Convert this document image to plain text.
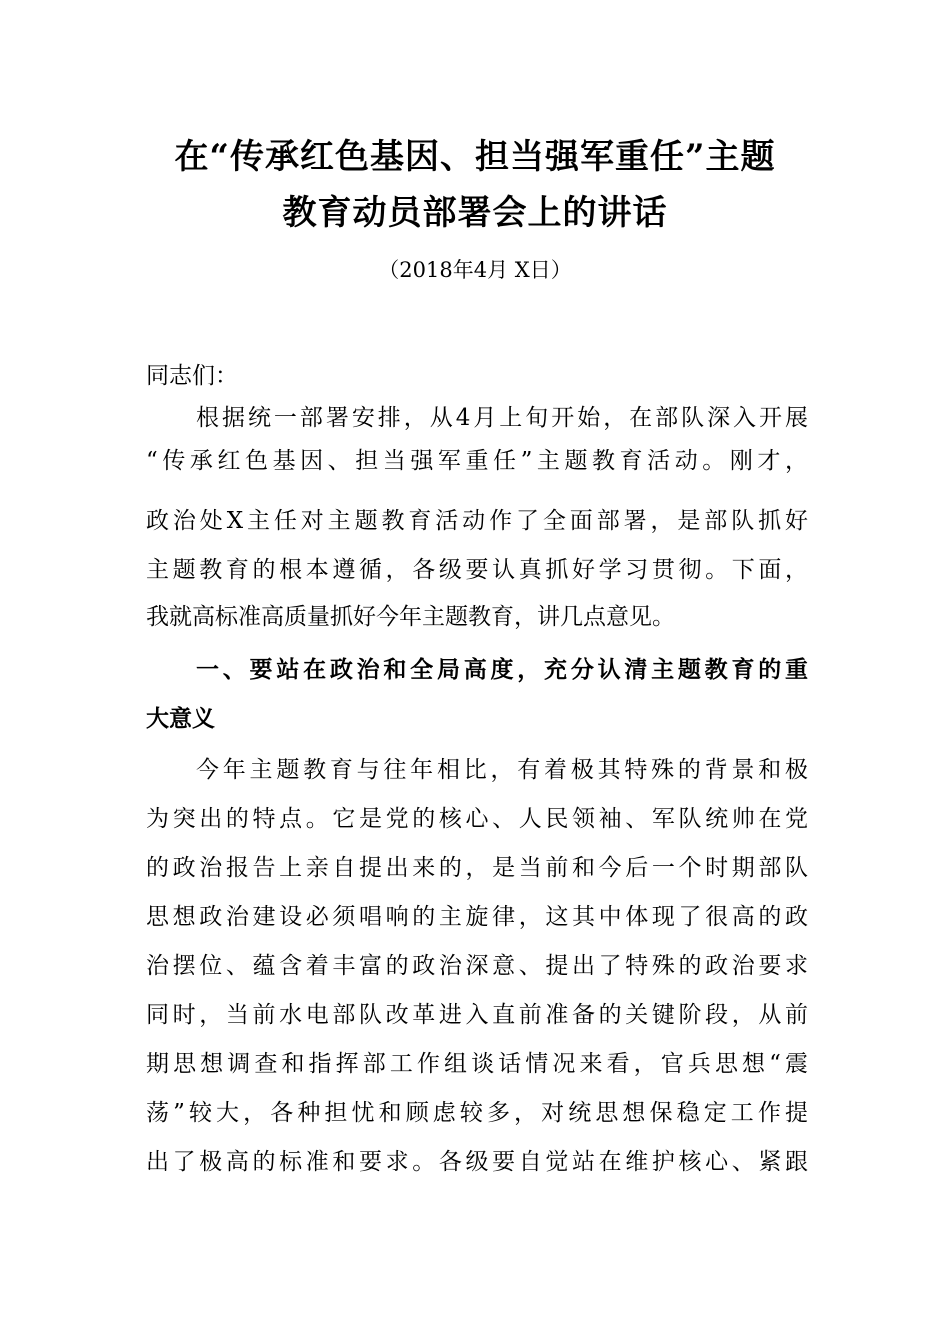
在“传承红色基因、担当强军重任”主题
教育动员部署会上的讲话
（2018年4月 X日）
同志们：
根据统一部署安排，从4月上旬开始，在部队深入开展
“传承红色基因、担当强军重任”主题教育活动。刚才，
政治处X主任对主题教育活动作了全面部署，是部队抓好
主题教育的根本遵循，各级要认真抓好学习贯彻。下面，
我就高标准高质量抓好今年主题教育，讲几点意见。
一、要站在政治和全局高度，充分认清主题教育的重
大意义
今年主题教育与往年相比，有着极其特殊的背景和极
为突出的特点。它是党的核心、人民领袖、军队统帅在党
的政治报告上亲自提出来的，是当前和今后一个时期部队
思想政治建设必须唱响的主旋律，这其中体现了很高的政
治摆位、蕴含着丰富的政治深意、提出了特殊的政治要求
同时，当前水电部队改革进入直前准备的关键阶段，从前
期思想调查和指挥部工作组谈话情况来看，官兵思想“震
荡”较大，各种担忧和顾虑较多，对统思想保稳定工作提
出了极高的标准和要求。各级要自觉站在维护核心、紧跟
